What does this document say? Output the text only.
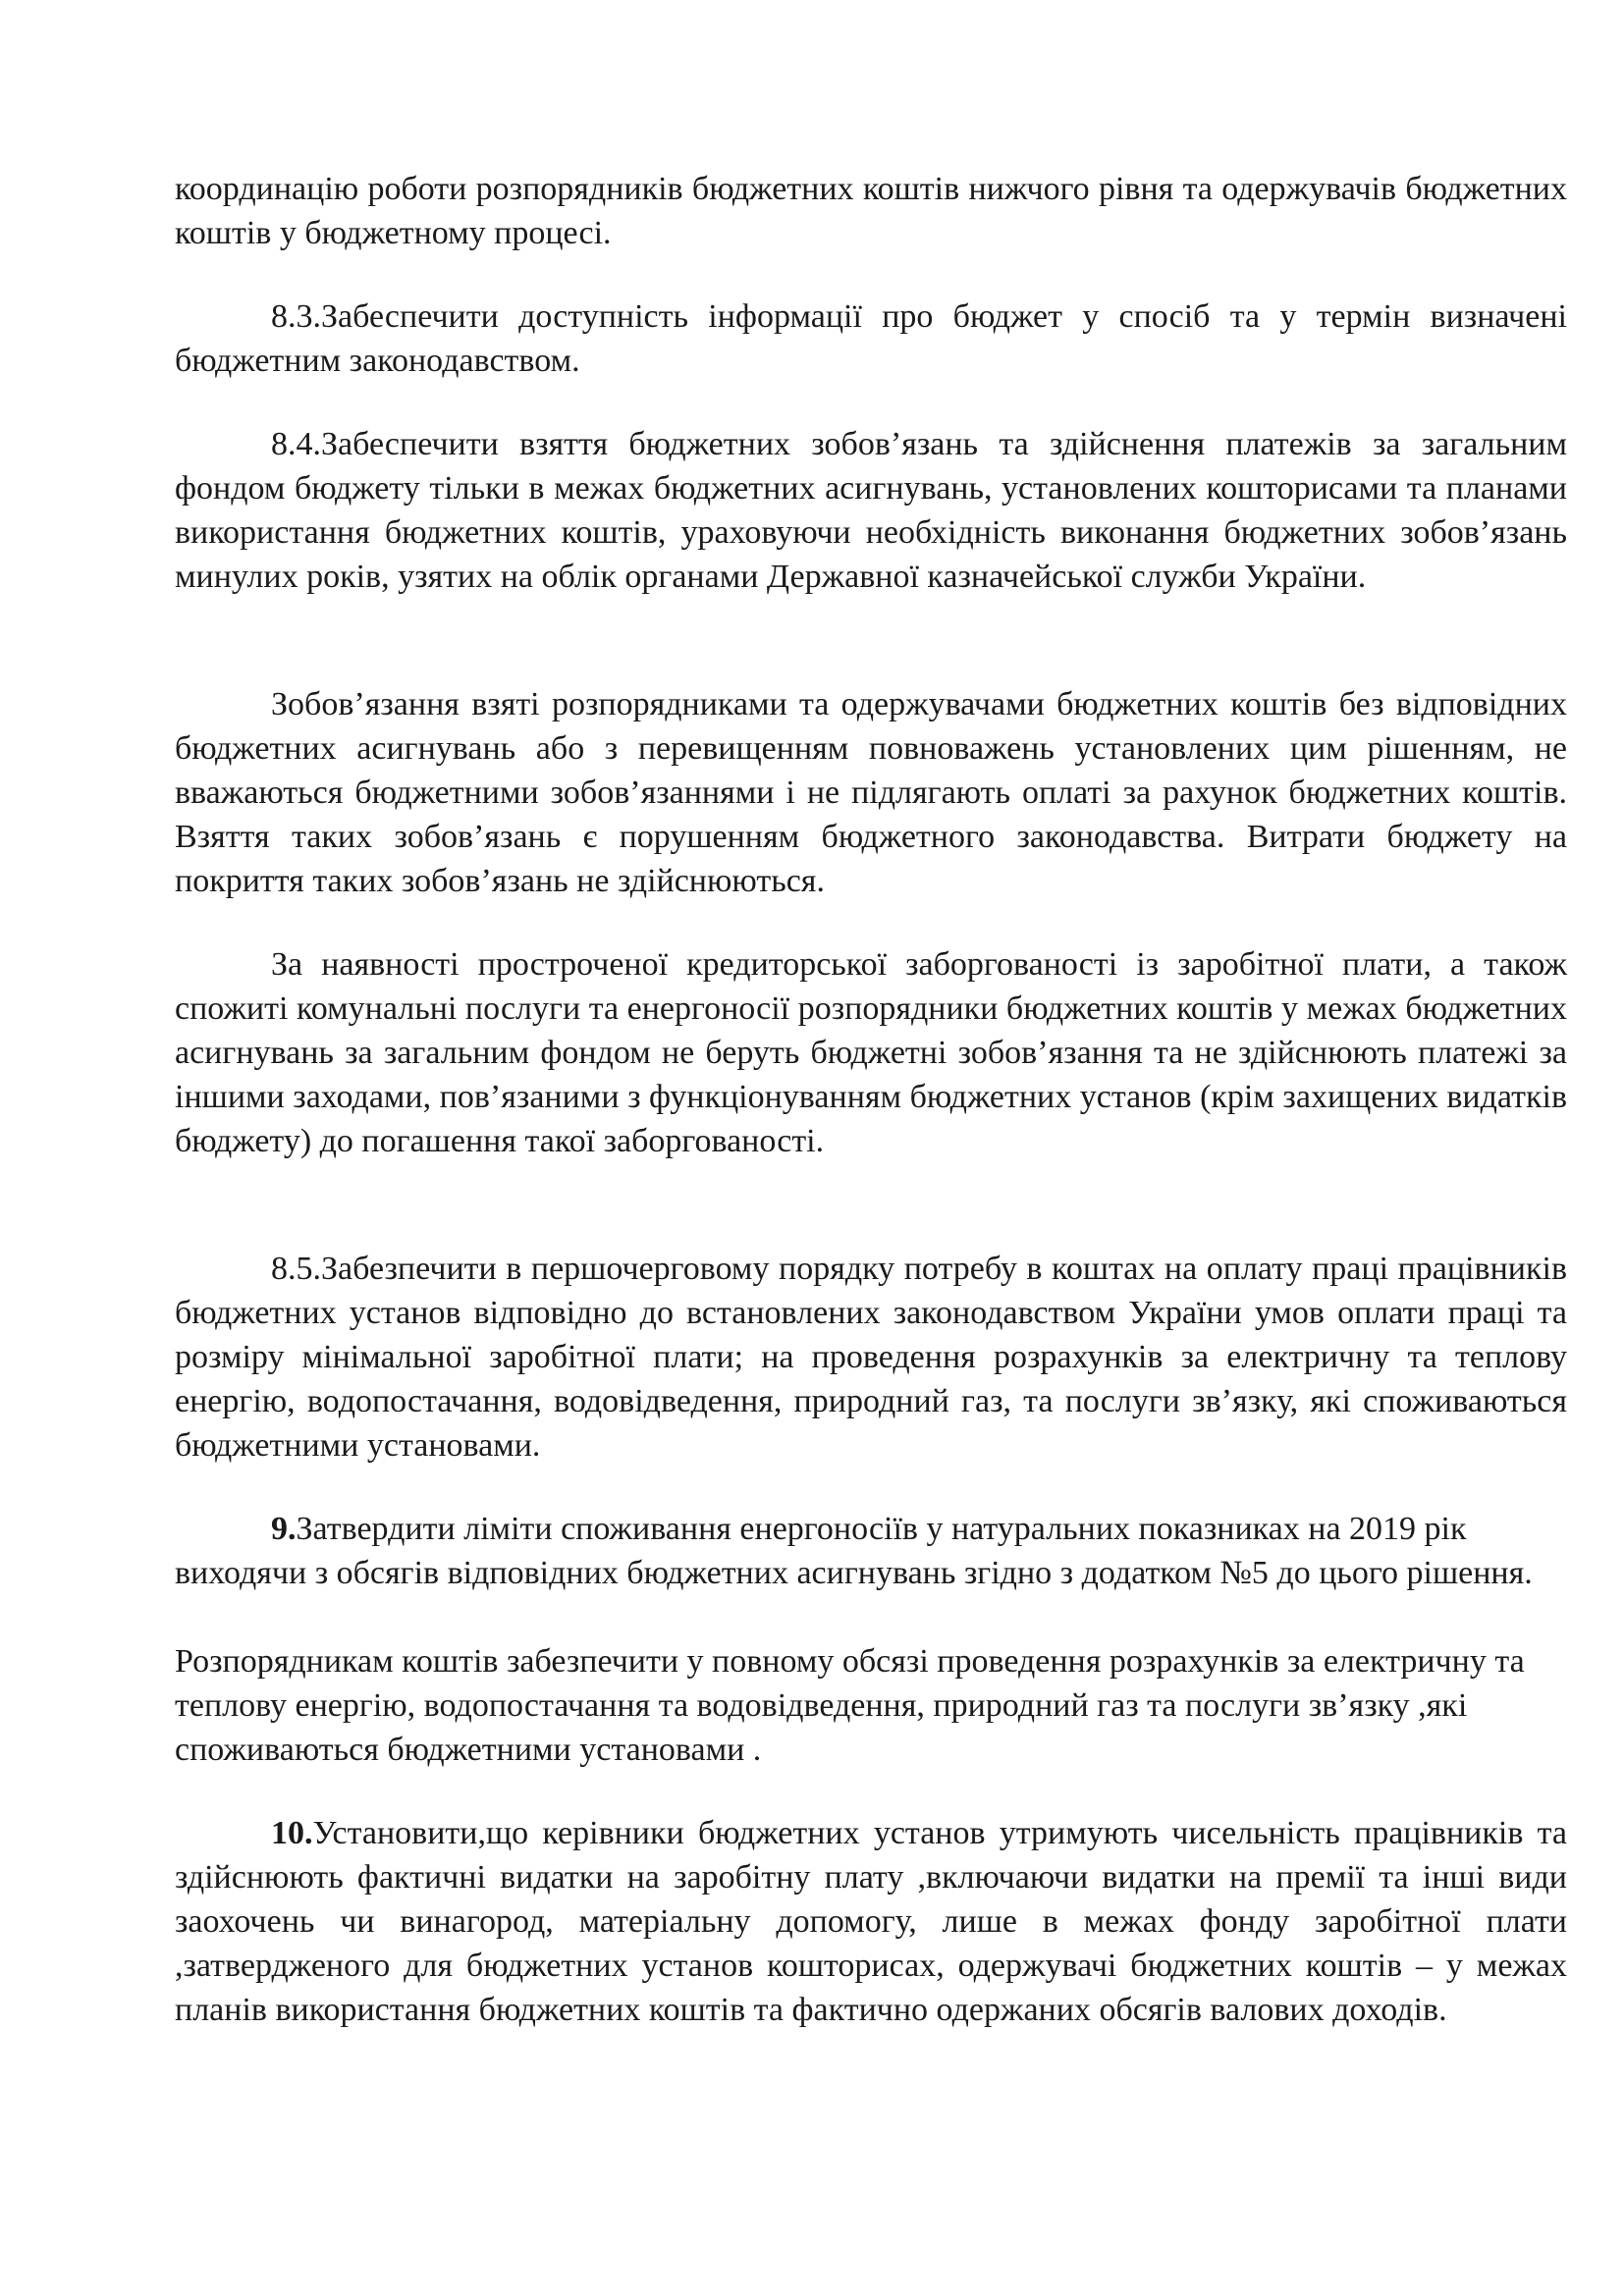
координацію роботи розпорядників бюджетних коштів нижчого рівня та одержувачів бюджетних коштів у бюджетному процесі.

8.3.Забеспечити доступність інформації про бюджет у спосіб та у термін визначені бюджетним законодавством.

8.4.Забеспечити взяття бюджетних зобов’язань та здійснення платежів за загальним фондом бюджету тільки в межах бюджетних асигнувань, установлених кошторисами та планами використання бюджетних коштів, ураховуючи необхідність виконання бюджетних зобов’язань минулих років, узятих на облік органами Державної казначейської служби України.

Зобов’язання взяті розпорядниками та одержувачами бюджетних коштів без відповідних бюджетних асигнувань або з перевищенням повноважень установлених цим рішенням, не вважаються бюджетними зобов’язаннями і не підлягають оплаті за рахунок бюджетних коштів. Взяття таких зобов’язань є порушенням бюджетного законодавства. Витрати бюджету на покриття таких зобов’язань не здійснюються.

За наявності простроченої кредиторської заборгованості із заробітної плати, а також спожиті комунальні послуги та енергоносії розпорядники бюджетних коштів у межах бюджетних асигнувань за загальним фондом не беруть бюджетні зобов’язання та не здійснюють платежі за іншими заходами, пов’язаними з функціонуванням бюджетних установ (крім захищених видатків бюджету) до погашення такої заборгованості.

8.5.Забезпечити в першочерговому порядку потребу в коштах на оплату праці працівників бюджетних установ відповідно до встановлених законодавством України умов оплати праці та розміру мінімальної заробітної плати; на проведення розрахунків за електричну та теплову енергію, водопостачання, водовідведення, природний газ, та послуги зв’язку, які споживаються бюджетними установами.

9.Затвердити ліміти споживання енергоносіїв у натуральних показниках на 2019 рік виходячи з обсягів відповідних бюджетних асигнувань згідно з додатком №5 до цього рішення.

Розпорядникам коштів забезпечити у повному обсязі проведення розрахунків за електричну та теплову енергію, водопостачання та водовідведення, природний газ та послуги зв’язку ,які споживаються бюджетними установами .

10.Установити,що керівники бюджетних установ утримують чисельність працівників та здійснюють фактичні видатки на заробітну плату ,включаючи видатки на премії та інші види заохочень чи винагород, матеріальну допомогу, лише в межах фонду заробітної плати ,затвердженого для бюджетних установ кошторисах, одержувачі бюджетних коштів – у межах планів використання бюджетних коштів та фактично одержаних обсягів валових доходів.
